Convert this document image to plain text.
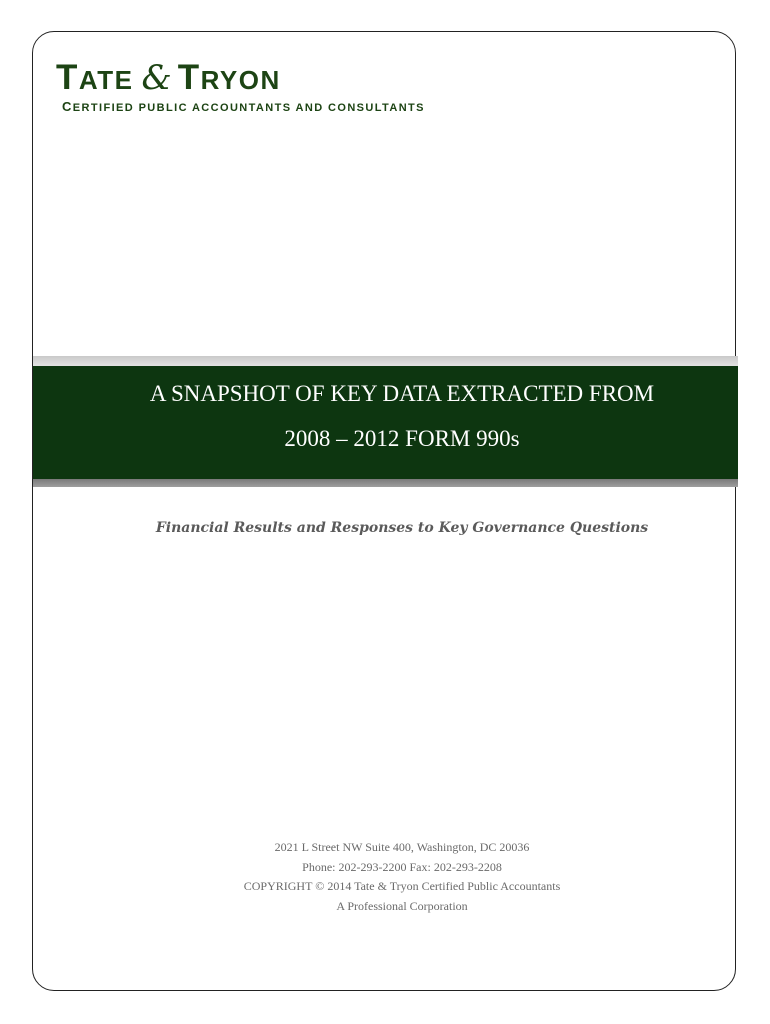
T ATE & T RYON
CERTIFIED PUBLIC ACCOUNTANTS AND CONSULTANTS
A SNAPSHOT OF KEY DATA EXTRACTED FROM
2008 – 2012 FORM 990s
Financial Results and Responses to Key Governance Questions
2021 L Street NW Suite 400, Washington, DC 20036
Phone: 202-293-2200 Fax: 202-293-2208
COPYRIGHT © 2014 Tate & Tryon Certified Public Accountants
A Professional Corporation
